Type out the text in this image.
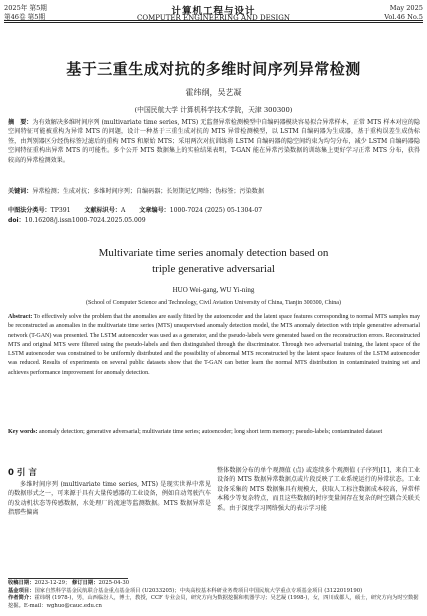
2025年 第5期
第46卷 第5期	计算机工程与设计
COMPUTER ENGINEERING AND DESIGN
May 2025
Vol.46 No.5
基于三重生成对抗的多维时间序列异常检测
霍纬纲，吴艺凝
(中国民航大学 计算机科学技术学院，天津 300300)
摘　要：为有效解决多维时间序列 (multivariate time series, MTS) 无监督异常检测模型中自编码器模块容易拟合异常样本，正常 MTS 样本对应的隐空间特征可能被重构为异常 MTS 的问题，设计一种基于三重生成对抗的 MTS 异常检测模型，以 LSTM 自编码器为生成器，基于重构误差生成伪标签，由判别器区分经伪标签过滤后的重构 MTS 和原始 MTS；采用两次对抗训练将 LSTM 自编码器的隐空间约束为均匀分布，减少 LSTM 自编码器隐空间特征重构出异常 MTS 的可能性。多个公开 MTS 数据集上的实验结果表明，T-GAN 能在异常污染数据的训练集上更好学习正常 MTS 分布，获得较高的异常检测效果。
关键词：异常检测；生成对抗；多维时间序列；自编码器；长短期记忆网络；伪标签；污染数据
中图法分类号：TP391 文献标识号：A 文章编号：1000-7024 (2025) 05-1304-07
doi：10.16208/j.issn1000-7024.2025.05.009
Multivariate time series anomaly detection based on
triple generative adversarial
HUO Wei-gang, WU Yi-ning
(School of Computer Science and Technology, Civil Aviation University of China, Tianjin 300300, China)
Abstract: To effectively solve the problem that the anomalies are easily fitted by the autoencoder and the latent space features corresponding to normal MTS samples may be reconstructed as anomalies in the multivariate time series (MTS) unsupervised anomaly detection model, the MTS anomaly detection with triple generative adversarial network (T-GAN) was presented. The LSTM autoencoder was used as a generator, and the pseudo-labels were generated based on the reconstruction errors. Reconstructed MTS and original MTS were filtered using the pseudo-labels and then distinguished through the discriminator. Through two adversarial training, the latent space of the LSTM autoencoder was constrained to be uniformly distributed and the possibility of abnormal MTS reconstructed by the latent space features of the LSTM autoencoder was reduced. Results of experiments on several public datasets show that the T-GAN can better learn the normal MTS distribution in contaminated training set and achieves performance improvement for anomaly detection.
Key words: anomaly detection; generative adversarial; multivariate time series; autoencoder; long short term memory; pseudo-labels; contaminated dataset
0 引 言
多维时间序列 (multivariate time series, MTS) 是现实世界中常见的数据形式之一，可来源于具有大量传感器的工业设备，例如自动驾驶汽车的发动机状态等传感数据，水处理厂的流速等监测数据。MTS 数据异常是指那些偏离
整体数据分布的单个观测值 (点) 或连续多个观测值 (子序列)[1]，来自工业设备的 MTS 数据异常数据点或片段反映了工业系统运行的异常状态。工业设备采集的 MTS 数据集具有规模大，获取人工标注数据成本较高，异常样本稀少等复杂特点，而且这些数据的时序变量间存在复杂的时空耦合关联关系。由于深度学习网络强大的表示学习能
收稿日期：2023-12-29； 修订日期：2025-04-30
基金项目：国家自然科学基金民航联合基金重点基金项目 (U2033205)；中央高校基本科研业务费项目中国民航大学重点专项基金项目 (3122019190)
作者简介：霍纬纲 (1978-)，男，山西临汾人，博士，教授，CCF 专业会员，研究方向为数据挖掘和机器学习；吴艺凝 (1998-)，女，四川成都人，硕士，研究方向为时空数据挖掘。E-mail：wghuo@cauc.edu.cn
